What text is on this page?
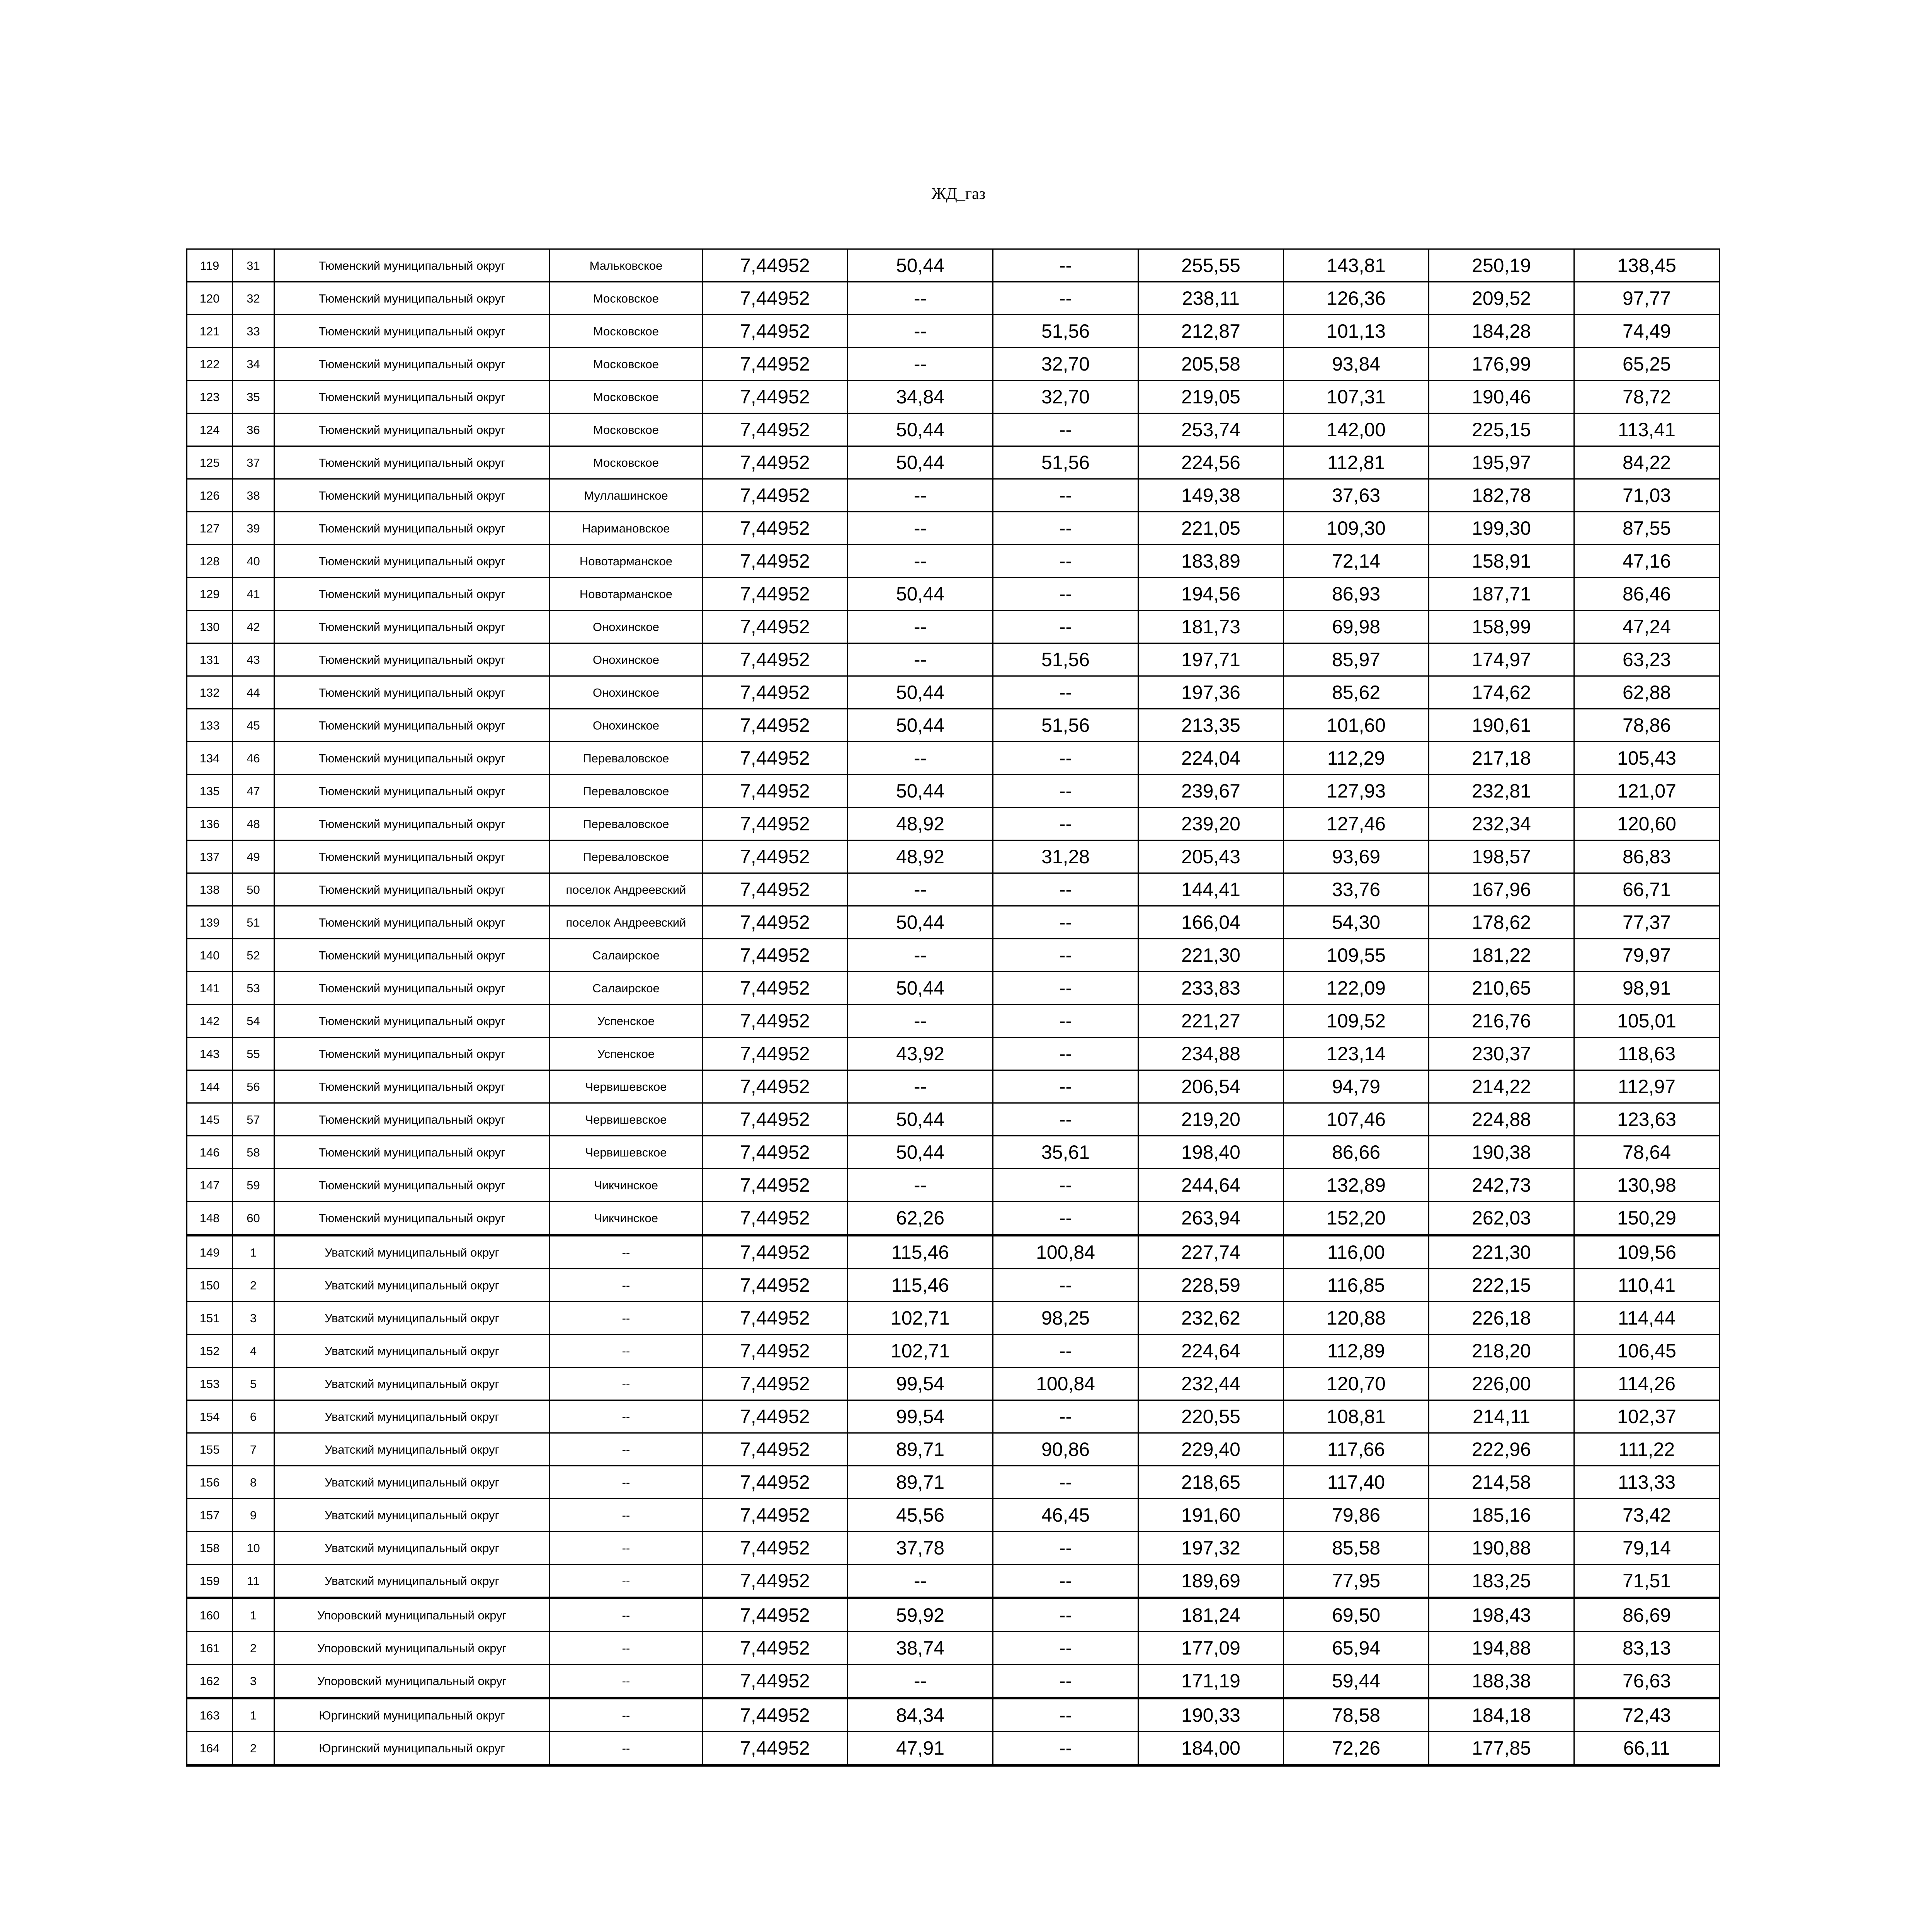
ЖД_газ
119	31	Тюменский муниципальный округ	Мальковское	7,44952	50,44	--	255,55	143,81	250,19	138,45
120	32	Тюменский муниципальный округ	Московское	7,44952	--	--	238,11	126,36	209,52	97,77
121	33	Тюменский муниципальный округ	Московское	7,44952	--	51,56	212,87	101,13	184,28	74,49
122	34	Тюменский муниципальный округ	Московское	7,44952	--	32,70	205,58	93,84	176,99	65,25
123	35	Тюменский муниципальный округ	Московское	7,44952	34,84	32,70	219,05	107,31	190,46	78,72
124	36	Тюменский муниципальный округ	Московское	7,44952	50,44	--	253,74	142,00	225,15	113,41
125	37	Тюменский муниципальный округ	Московское	7,44952	50,44	51,56	224,56	112,81	195,97	84,22
126	38	Тюменский муниципальный округ	Муллашинское	7,44952	--	--	149,38	37,63	182,78	71,03
127	39	Тюменский муниципальный округ	Наримановское	7,44952	--	--	221,05	109,30	199,30	87,55
128	40	Тюменский муниципальный округ	Новотарманское	7,44952	--	--	183,89	72,14	158,91	47,16
129	41	Тюменский муниципальный округ	Новотарманское	7,44952	50,44	--	194,56	86,93	187,71	86,46
130	42	Тюменский муниципальный округ	Онохинское	7,44952	--	--	181,73	69,98	158,99	47,24
131	43	Тюменский муниципальный округ	Онохинское	7,44952	--	51,56	197,71	85,97	174,97	63,23
132	44	Тюменский муниципальный округ	Онохинское	7,44952	50,44	--	197,36	85,62	174,62	62,88
133	45	Тюменский муниципальный округ	Онохинское	7,44952	50,44	51,56	213,35	101,60	190,61	78,86
134	46	Тюменский муниципальный округ	Переваловское	7,44952	--	--	224,04	112,29	217,18	105,43
135	47	Тюменский муниципальный округ	Переваловское	7,44952	50,44	--	239,67	127,93	232,81	121,07
136	48	Тюменский муниципальный округ	Переваловское	7,44952	48,92	--	239,20	127,46	232,34	120,60
137	49	Тюменский муниципальный округ	Переваловское	7,44952	48,92	31,28	205,43	93,69	198,57	86,83
138	50	Тюменский муниципальный округ	поселок Андреевский	7,44952	--	--	144,41	33,76	167,96	66,71
139	51	Тюменский муниципальный округ	поселок Андреевский	7,44952	50,44	--	166,04	54,30	178,62	77,37
140	52	Тюменский муниципальный округ	Салаирское	7,44952	--	--	221,30	109,55	181,22	79,97
141	53	Тюменский муниципальный округ	Салаирское	7,44952	50,44	--	233,83	122,09	210,65	98,91
142	54	Тюменский муниципальный округ	Успенское	7,44952	--	--	221,27	109,52	216,76	105,01
143	55	Тюменский муниципальный округ	Успенское	7,44952	43,92	--	234,88	123,14	230,37	118,63
144	56	Тюменский муниципальный округ	Червишевское	7,44952	--	--	206,54	94,79	214,22	112,97
145	57	Тюменский муниципальный округ	Червишевское	7,44952	50,44	--	219,20	107,46	224,88	123,63
146	58	Тюменский муниципальный округ	Червишевское	7,44952	50,44	35,61	198,40	86,66	190,38	78,64
147	59	Тюменский муниципальный округ	Чикчинское	7,44952	--	--	244,64	132,89	242,73	130,98
148	60	Тюменский муниципальный округ	Чикчинское	7,44952	62,26	--	263,94	152,20	262,03	150,29
149	1	Уватский муниципальный округ	--	7,44952	115,46	100,84	227,74	116,00	221,30	109,56
150	2	Уватский муниципальный округ	--	7,44952	115,46	--	228,59	116,85	222,15	110,41
151	3	Уватский муниципальный округ	--	7,44952	102,71	98,25	232,62	120,88	226,18	114,44
152	4	Уватский муниципальный округ	--	7,44952	102,71	--	224,64	112,89	218,20	106,45
153	5	Уватский муниципальный округ	--	7,44952	99,54	100,84	232,44	120,70	226,00	114,26
154	6	Уватский муниципальный округ	--	7,44952	99,54	--	220,55	108,81	214,11	102,37
155	7	Уватский муниципальный округ	--	7,44952	89,71	90,86	229,40	117,66	222,96	111,22
156	8	Уватский муниципальный округ	--	7,44952	89,71	--	218,65	117,40	214,58	113,33
157	9	Уватский муниципальный округ	--	7,44952	45,56	46,45	191,60	79,86	185,16	73,42
158	10	Уватский муниципальный округ	--	7,44952	37,78	--	197,32	85,58	190,88	79,14
159	11	Уватский муниципальный округ	--	7,44952	--	--	189,69	77,95	183,25	71,51
160	1	Упоровский муниципальный округ	--	7,44952	59,92	--	181,24	69,50	198,43	86,69
161	2	Упоровский муниципальный округ	--	7,44952	38,74	--	177,09	65,94	194,88	83,13
162	3	Упоровский муниципальный округ	--	7,44952	--	--	171,19	59,44	188,38	76,63
163	1	Юргинский муниципальный округ	--	7,44952	84,34	--	190,33	78,58	184,18	72,43
164	2	Юргинский муниципальный округ	--	7,44952	47,91	--	184,00	72,26	177,85	66,11
